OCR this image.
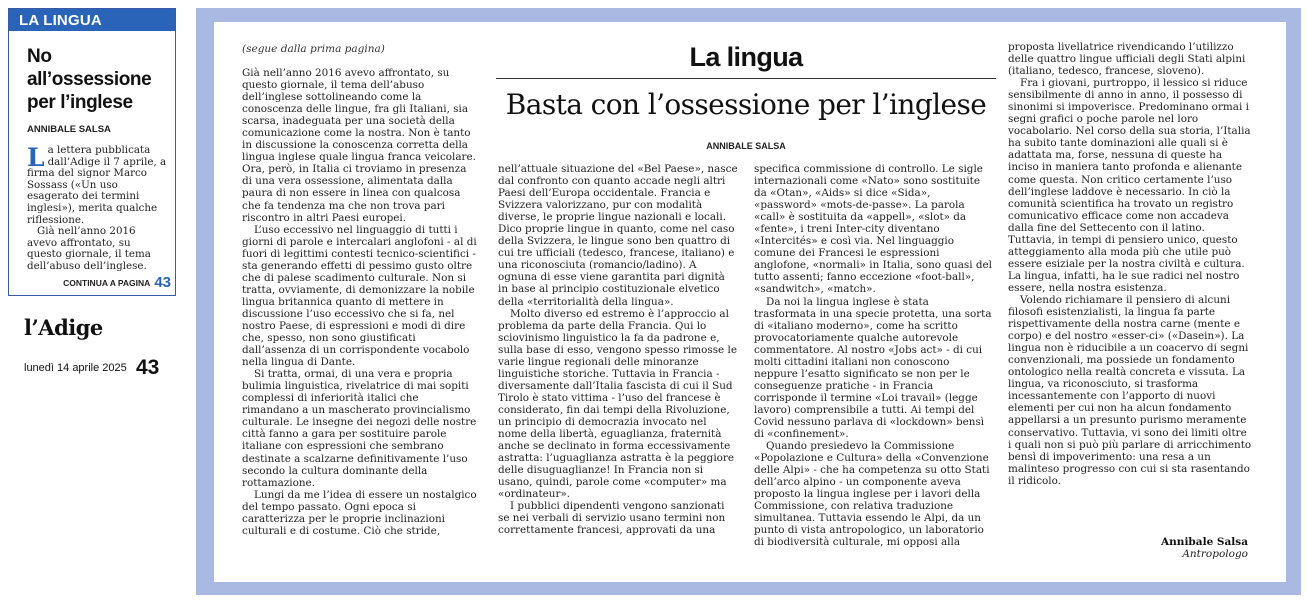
LA LINGUA
No all’ossessione per l’inglese
ANNIBALE SALSA

La lettera pubblicata dall’Adige il 7 aprile, a firma del signor Marco Sossass («Un uso esagerato dei termini inglesi»), merita qualche riflessione.

Già nell’anno 2016 avevo affrontato, su questo giornale, il tema dell’abuso dell’inglese.

CONTINUA A PAGINA 43
l’Adige
lunedì 14 aprile 2025 43
(segue dalla prima pagina)	La lingua
Basta con l’ossessione per l’inglese
ANNIBALE SALSA

Già nell’anno 2016 avevo affrontato, su questo giornale, il tema dell’abuso dell’inglese sottolineando come la conoscenza delle lingue, fra gli Italiani, sia scarsa, inadeguata per una società della comunicazione come la nostra. Non è tanto in discussione la conoscenza corretta della lingua inglese quale lingua franca veicolare. Ora, però, in Italia ci troviamo in presenza di una vera ossessione, alimentata dalla paura di non essere in linea con qualcosa che fa tendenza ma che non trova pari riscontro in altri Paesi europei.

L’uso eccessivo nel linguaggio di tutti i giorni di parole e intercalari anglofoni - al di fuori di legittimi contesti tecnico-scientifici - sta generando effetti di pessimo gusto oltre che di palese scadimento culturale. Non si tratta, ovviamente, di demonizzare la nobile lingua britannica quanto di mettere in discussione l’uso eccessivo che si fa, nel nostro Paese, di espressioni e modi di dire che, spesso, non sono giustificati dall’assenza di un corrispondente vocabolo nella lingua di Dante.

Si tratta, ormai, di una vera e propria bulimia linguistica, rivelatrice di mai sopiti complessi di inferiorità italici che rimandano a un mascherato provincialismo culturale. Le insegne dei negozi delle nostre città fanno a gara per sostituire parole italiane con espressioni che sembrano destinate a scalzarne definitivamente l’uso secondo la cultura dominante della rottamazione.

Lungi da me l’idea di essere un nostalgico del tempo passato. Ogni epoca si caratterizza per le proprie inclinazioni culturali e di costume. Ciò che stride,

nell’attuale situazione del «Bel Paese», nasce dal confronto con quanto accade negli altri Paesi dell’Europa occidentale. Francia e Svizzera valorizzano, pur con modalità diverse, le proprie lingue nazionali e locali. Dico proprie lingue in quanto, come nel caso della Svizzera, le lingue sono ben quattro di cui tre ufficiali (tedesco, francese, italiano) e una riconosciuta (romancio/ladino). A ognuna di esse viene garantita pari dignità in base al principio costituzionale elvetico della «territorialità della lingua».

Molto diverso ed estremo è l’approccio al problema da parte della Francia. Qui lo sciovinismo linguistico la fa da padrone e, sulla base di esso, vengono spesso rimosse le varie lingue regionali delle minoranze linguistiche storiche. Tuttavia in Francia - diversamente dall’Italia fascista di cui il Sud Tirolo è stato vittima - l’uso del francese è considerato, fin dai tempi della Rivoluzione, un principio di democrazia invocato nel nome della libertà, eguaglianza, fraternità anche se declinato in forma eccessivamente astratta: l’uguaglianza astratta è la peggiore delle disuguaglianze! In Francia non si usano, quindi, parole come «computer» ma «ordinateur».

I pubblici dipendenti vengono sanzionati se nei verbali di servizio usano termini non correttamente francesi, approvati da una

specifica commissione di controllo. Le sigle internazionali come «Nato» sono sostituite da «Otan», «Aids» si dice «Sida», «password» «mots-de-passe». La parola «call» è sostituita da «appell», «slot» da «fente», i treni Inter-city diventano «Intercités» e così via. Nel linguaggio comune dei Francesi le espressioni anglofone, «normali» in Italia, sono quasi del tutto assenti; fanno eccezione «foot-ball», «sandwitch», «match».

Da noi la lingua inglese è stata trasformata in una specie protetta, una sorta di «italiano moderno», come ha scritto provocatoriamente qualche autorevole commentatore. Al nostro «Jobs act» - di cui molti cittadini italiani non conoscono neppure l’esatto significato se non per le conseguenze pratiche - in Francia corrisponde il termine «Loi travail» (legge lavoro) comprensibile a tutti. Ai tempi del Covid nessuno parlava di «lockdown» bensì di «confinement».

Quando presiedevo la Commissione «Popolazione e Cultura» della «Convenzione delle Alpi» - che ha competenza su otto Stati dell’arco alpino - un componente aveva proposto la lingua inglese per i lavori della Commissione, con relativa traduzione simultanea. Tuttavia essendo le Alpi, da un punto di vista antropologico, un laboratorio di biodiversità culturale, mi opposi alla

proposta livellatrice rivendicando l’utilizzo delle quattro lingue ufficiali degli Stati alpini (italiano, tedesco, francese, sloveno).

Fra i giovani, purtroppo, il lessico si riduce sensibilmente di anno in anno, il possesso di sinonimi si impoverisce. Predominano ormai i segni grafici o poche parole nel loro vocabolario. Nel corso della sua storia, l’Italia ha subito tante dominazioni alle quali si è adattata ma, forse, nessuna di queste ha inciso in maniera tanto profonda e alienante come questa. Non critico certamente l’uso dell’inglese laddove è necessario. In ciò la comunità scientifica ha trovato un registro comunicativo efficace come non accadeva dalla fine del Settecento con il latino. Tuttavia, in tempi di pensiero unico, questo atteggiamento alla moda più che utile può essere esiziale per la nostra civiltà e cultura. La lingua, infatti, ha le sue radici nel nostro essere, nella nostra esistenza.

Volendo richiamare il pensiero di alcuni filosofi esistenzialisti, la lingua fa parte rispettivamente della nostra carne (mente e corpo) e del nostro «esser-ci» («Dasein»). La lingua non è riducibile a un coacervo di segni convenzionali, ma possiede un fondamento ontologico nella realtà concreta e vissuta. La lingua, va riconosciuto, si trasforma incessantemente con l’apporto di nuovi elementi per cui non ha alcun fondamento appellarsi a un presunto purismo meramente conservativo. Tuttavia, vi sono dei limiti oltre i quali non si può più parlare di arricchimento bensì di impoverimento: una resa a un malinteso progresso con cui si sta rasentando il ridicolo.

Annibale Salsa
Antropologo
